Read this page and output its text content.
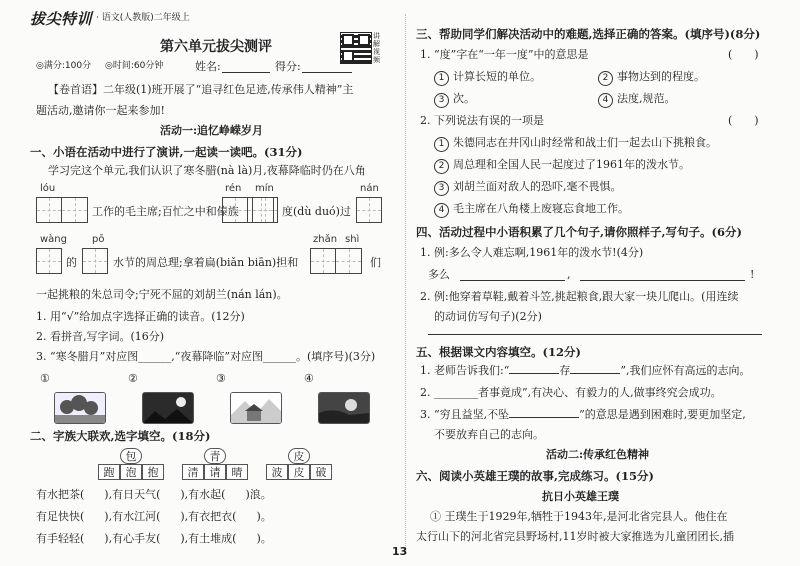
拔尖特训 · 语文(人教版)二年级上
第六单元拔尖测评
讲解视频
◎满分:100分 ◎时间:60分钟	姓名:	得分:
【卷首语】二年级(1)班开展了“追寻红色足迹,传承伟人精神”主
题活动,邀请你一起来参加!
活动一:追忆峥嵘岁月
一、小语在活动中进行了演讲,一起读一读吧。(31分)
学习完这个单元,我们认识了寒冬腊(nà là)月,夜幕降临时仍在八角
lóu	rén mín	nán
工作的毛主席;百忙之中和傣族	度(dù duó)过
wàng	pō	zhǎn shì
的	水节的周总理;拿着扁(biǎn biān)担和	们
一起挑粮的朱总司令;宁死不屈的刘胡兰(nán lán)。
1. 用“√”给加点字选择正确的读音。(12分)
2. 看拼音,写字词。(16分)
3. “寒冬腊月”对应图______,“夜幕降临”对应图______。(填序号)(3分)
①	②	③	④
二、字族大联欢,选字填空。(18分)
包
跑	泡	抱
青
清	请	晴
皮
波	皮	破
有水把茶( ),有日天气( ),有水起( )浪。
有足快快( ),有水江河( ),有衣把衣( )。
有手轻轻( ),有心手友( ),有土堆成( )。
三、帮助同学们解决活动中的难题,选择正确的答案。(填序号)(8分)
1. “度”字在“一年一度”中的意思是	(　　)
1 计算长短的单位。	2 事物达到的程度。
3 次。	4 法度,规范。
2. 下列说法有误的一项是	(　　)
1 朱德同志在井冈山时经常和战士们一起去山下挑粮食。
2 周总理和全国人民一起度过了1961年的泼水节。
3 刘胡兰面对敌人的恐吓,毫不畏惧。
4 毛主席在八角楼上废寝忘食地工作。
四、活动过程中小语积累了几个句子,请你照样子,写句子。(6分)
1. 例:多么令人难忘啊,1961年的泼水节!(4分)
多么	,	!
2. 例:他穿着草鞋,戴着斗笠,挑起粮食,跟大家一块儿爬山。(用连续
的动词仿写句子)(2分)
五、根据课文内容填空。(12分)
1. 老师告诉我们:“	存	”,我们应怀有高远的志向。
2. ________者事竟成”,有决心、有毅力的人,做事终究会成功。
3. “穷且益坚,不坠	”的意思是遇到困难时,要更加坚定,
不要放弃自己的志向。
活动二:传承红色精神
六、阅读小英雄王璞的故事,完成练习。(15分)
抗日小英雄王璞
① 王璞生于1929年,牺牲于1943年,是河北省完县人。他住在
太行山下的河北省完县野场村,11岁时被大家推选为儿童团团长,插
13
